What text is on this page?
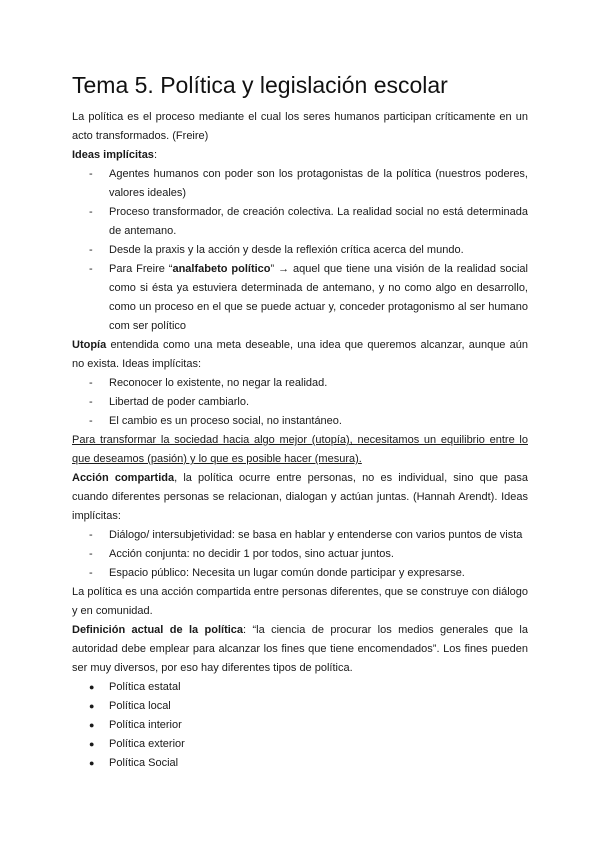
Tema 5. Política y legislación escolar

La política es el proceso mediante el cual los seres humanos participan críticamente en un acto transformados. (Freire)

Ideas implícitas:

- Agentes humanos con poder son los protagonistas de la política (nuestros poderes, valores ideales)
- Proceso transformador, de creación colectiva. La realidad social no está determinada de antemano.
- Desde la praxis y la acción y desde la reflexión crítica acerca del mundo.
- Para Freire “analfabeto político” → aquel que tiene una visión de la realidad social como si ésta ya estuviera determinada de antemano, y no como algo en desarrollo, como un proceso en el que se puede actuar y, conceder protagonismo al ser humano com ser político

Utopía entendida como una meta deseable, una idea que queremos alcanzar, aunque aún no exista. Ideas implícitas:

- Reconocer lo existente, no negar la realidad.
- Libertad de poder cambiarlo.
- El cambio es un proceso social, no instantáneo.

Para transformar la sociedad hacia algo mejor (utopía), necesitamos un equilibrio entre lo que deseamos (pasión) y lo que es posible hacer (mesura).

Acción compartida, la política ocurre entre personas, no es individual, sino que pasa cuando diferentes personas se relacionan, dialogan y actúan juntas. (Hannah Arendt). Ideas implícitas:

- Diálogo/ intersubjetividad: se basa en hablar y entenderse con varios puntos de vista
- Acción conjunta: no decidir 1 por todos, sino actuar juntos.
- Espacio público: Necesita un lugar común donde participar y expresarse.

La política es una acción compartida entre personas diferentes, que se construye con diálogo y en comunidad.

Definición actual de la política: “la ciencia de procurar los medios generales que la autoridad debe emplear para alcanzar los fines que tiene encomendados”. Los fines pueden ser muy diversos, por eso hay diferentes tipos de política.

● Política estatal
● Política local
● Política interior
● Política exterior
● Política Social
